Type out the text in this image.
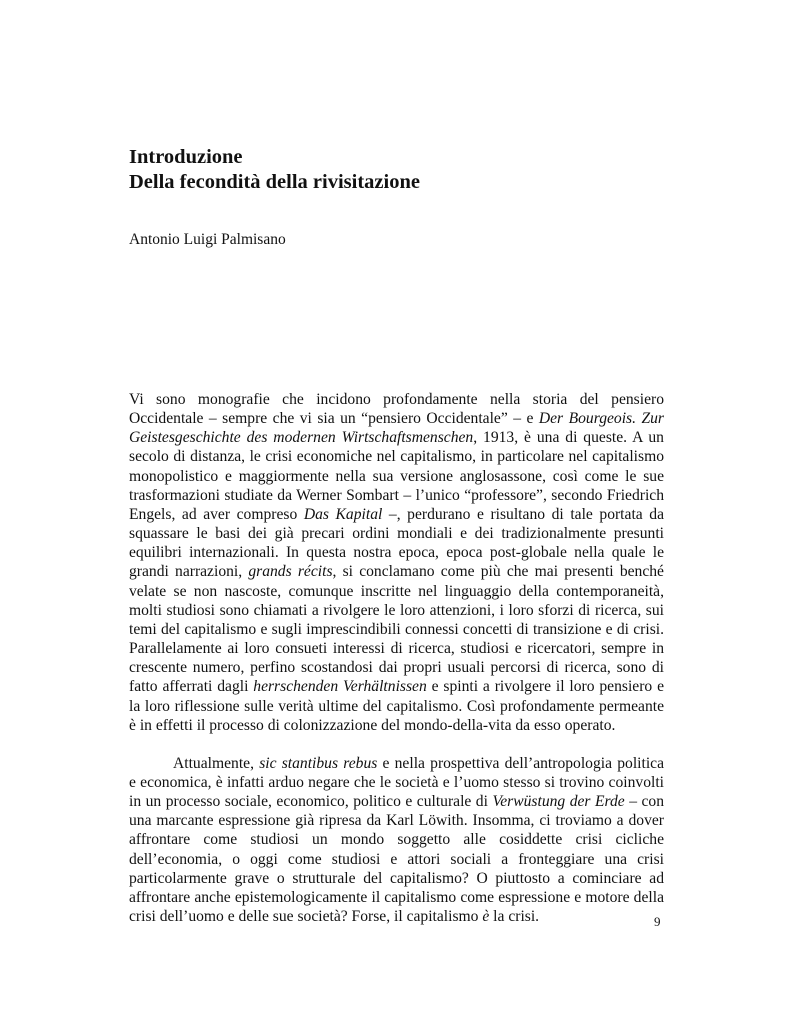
Introduzione
Della fecondità della rivisitazione
Antonio Luigi Palmisano

Vi sono monografie che incidono profondamente nella storia del pensiero Occidentale – sempre che vi sia un “pensiero Occidentale” – e Der Bourgeois. Zur Geistesgeschichte des modernen Wirtschaftsmenschen, 1913, è una di queste. A un secolo di distanza, le crisi economiche nel capitalismo, in particolare nel capitalismo monopolistico e maggiormente nella sua versione anglosassone, così come le sue trasformazioni studiate da Werner Sombart – l’unico “professore”, secondo Friedrich Engels, ad aver compreso Das Kapital –, perdurano e risultano di tale portata da squassare le basi dei già precari ordini mondiali e dei tradizionalmente presunti equilibri internazionali. In questa nostra epoca, epoca post-globale nella quale le grandi narrazioni, grands récits, si conclamano come più che mai presenti benché velate se non nascoste, comunque inscritte nel linguaggio della contemporaneità, molti studiosi sono chiamati a rivolgere le loro attenzioni, i loro sforzi di ricerca, sui temi del capitalismo e sugli imprescindibili connessi concetti di transizione e di crisi. Parallelamente ai loro consueti interessi di ricerca, studiosi e ricercatori, sempre in crescente numero, perfino scostandosi dai propri usuali percorsi di ricerca, sono di fatto afferrati dagli herrschenden Verhältnissen e spinti a rivolgere il loro pensiero e la loro riflessione sulle verità ultime del capitalismo. Così profondamente permeante è in effetti il processo di colonizzazione del mondo-della-vita da esso operato.

Attualmente, sic stantibus rebus e nella prospettiva dell’antropologia politica e economica, è infatti arduo negare che le società e l’uomo stesso si trovino coinvolti in un processo sociale, economico, politico e culturale di Verwüstung der Erde – con una marcante espressione già ripresa da Karl Löwith. Insomma, ci troviamo a dover affrontare come studiosi un mondo soggetto alle cosiddette crisi cicliche dell’economia, o oggi come studiosi e attori sociali a fronteggiare una crisi particolarmente grave o strutturale del capitalismo? O piuttosto a cominciare ad affrontare anche epistemologicamente il capitalismo come espressione e motore della crisi dell’uomo e delle sue società? Forse, il capitalismo è la crisi.	9
